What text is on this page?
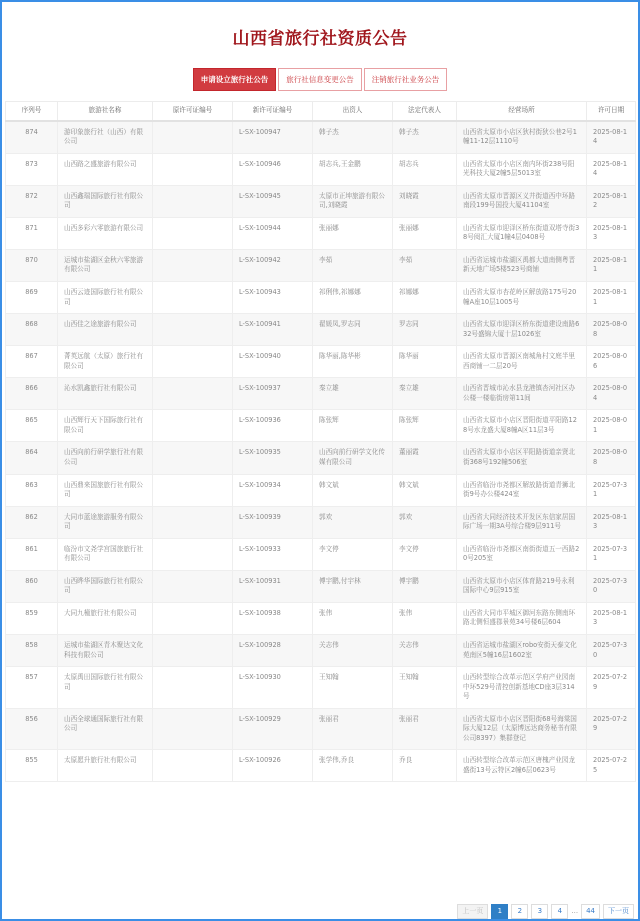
山西省旅行社资质公告
申请设立旅行社公告	旅行社信息变更公告	注销旅行社业务公告
序列号	旅游社名称	原许可证编号	新许可证编号	出资人	法定代表人	经营场所	许可日期
874	游印象旅行社（山西）有限公司		L-SX-100947	韩子杰	韩子杰	山西省太原市小店区狄村街狄公巷2号1幢11-12层1110号	2025-08-14
873	山西路之盛旅游有限公司		L-SX-100946	胡志兵,王金鹏	胡志兵	山西省太原市小店区南内环街238号阳光科技大厦2幢5层5013室	2025-08-14
872	山西鑫瑞国际旅行社有限公司		L-SX-100945	太原市正坤旅游有限公司,刘晓霞	刘晓霞	山西省太原市晋源区义井街道西中环路南段199号国投大厦41104室	2025-08-12
871	山西多彩六零旅游有限公司		L-SX-100944	张丽娜	张丽娜	山西省太原市迎泽区桥东街道双塔寺街38号阅汇大厦1幢4层0408号	2025-08-13
870	运城市盐湖区金秋六零旅游有限公司		L-SX-100942	李茹	李茹	山西省运城市盐湖区禹都大道南侧粤晋新天地广场5楼523号商铺	2025-08-11
869	山西云迹国际旅行社有限公司		L-SX-100943	祁俐伟,祁娜娜	祁娜娜	山西省太原市杏花岭区解放路175号20幢A座10层1005号	2025-08-11
868	山西佳之途旅游有限公司		L-SX-100941	翟媛凤,罗志同	罗志同	山西省太原市迎泽区桥东街道建设南路632号盛锦大厦十层1026室	2025-08-08
867	菁英远航（太原）旅行社有限公司		L-SX-100940	陈华丽,陈华彬	陈华丽	山西省太原市晋源区南城角村文庭半里西商铺一二层20号	2025-08-06
866	沁水凯鑫旅行社有限公司		L-SX-100937	秦立雄	秦立雄	山西省晋城市沁水县龙港镇杏河社区办公楼一楼临街房第11间	2025-08-04
865	山西辉行天下国际旅行社有限公司		L-SX-100936	陈张辉	陈张辉	山西省太原市小店区晋阳街道平阳路128号水龙盛大厦8幢A区11层3号	2025-08-01
864	山西向前行研学旅行社有限公司		L-SX-100935	山西向前行研学文化传媒有限公司	董丽霞	山西省太原市小店区平阳路街道亲贤北街368号192幢506室	2025-08-08
863	山西鼎来国旅旅行社有限公司		L-SX-100934	韩文斌	韩文斌	山西省临汾市尧都区解放路街道青狮北街9号办公楼424室	2025-07-31
862	大同市蓝途旅游服务有限公司		L-SX-100939	郭欢	郭欢	山西省大同经济技术开发区东信家居国际广场一期3A号综合楼9层911号	2025-08-13
861	临汾市文尧学宫国旅旅行社有限公司		L-SX-100933	李文停	李文停	山西省临汾市尧都区南街街道五一西路20号205室	2025-07-31
860	山西晔华国际旅行社有限公司		L-SX-100931	傅宇鹏,付宇林	傅宇鹏	山西省太原市小店区体育路219号永利国际中心9层915室	2025-07-30
859	大同九橦旅行社有限公司		L-SX-100938	张伟	张伟	山西省大同市平城区御河东路东侧南环路北侧恒盛郡景苑34号楼6层604	2025-08-13
858	运城市盐湖区青木聚达文化科技有限公司		L-SX-100928	关志伟	关志伟	山西省运城市盐湖区robo安街天泰文化苑南区5幢16层1602室	2025-07-30
857	太原禹田国际旅行社有限公司		L-SX-100930	王知翰	王知翰	山西转型综合改革示范区学府产业园南中环529号清控创新基地CD座3层314号	2025-07-29
856	山西全球通国际旅行社有限公司		L-SX-100929	张丽君	张丽君	山西省太原市小店区晋阳街68号海棠国际大厦12层（太原博远达商务秘书有限公司8397）集群登记	2025-07-29
855	太原愿升旅行社有限公司		L-SX-100926	张学伟,乔良	乔良	山西转型综合改革示范区唐槐产业园龙盛街13号云特区2幢6层0623号	2025-07-25
上一页	1	2	3	4	...	44	下一页
